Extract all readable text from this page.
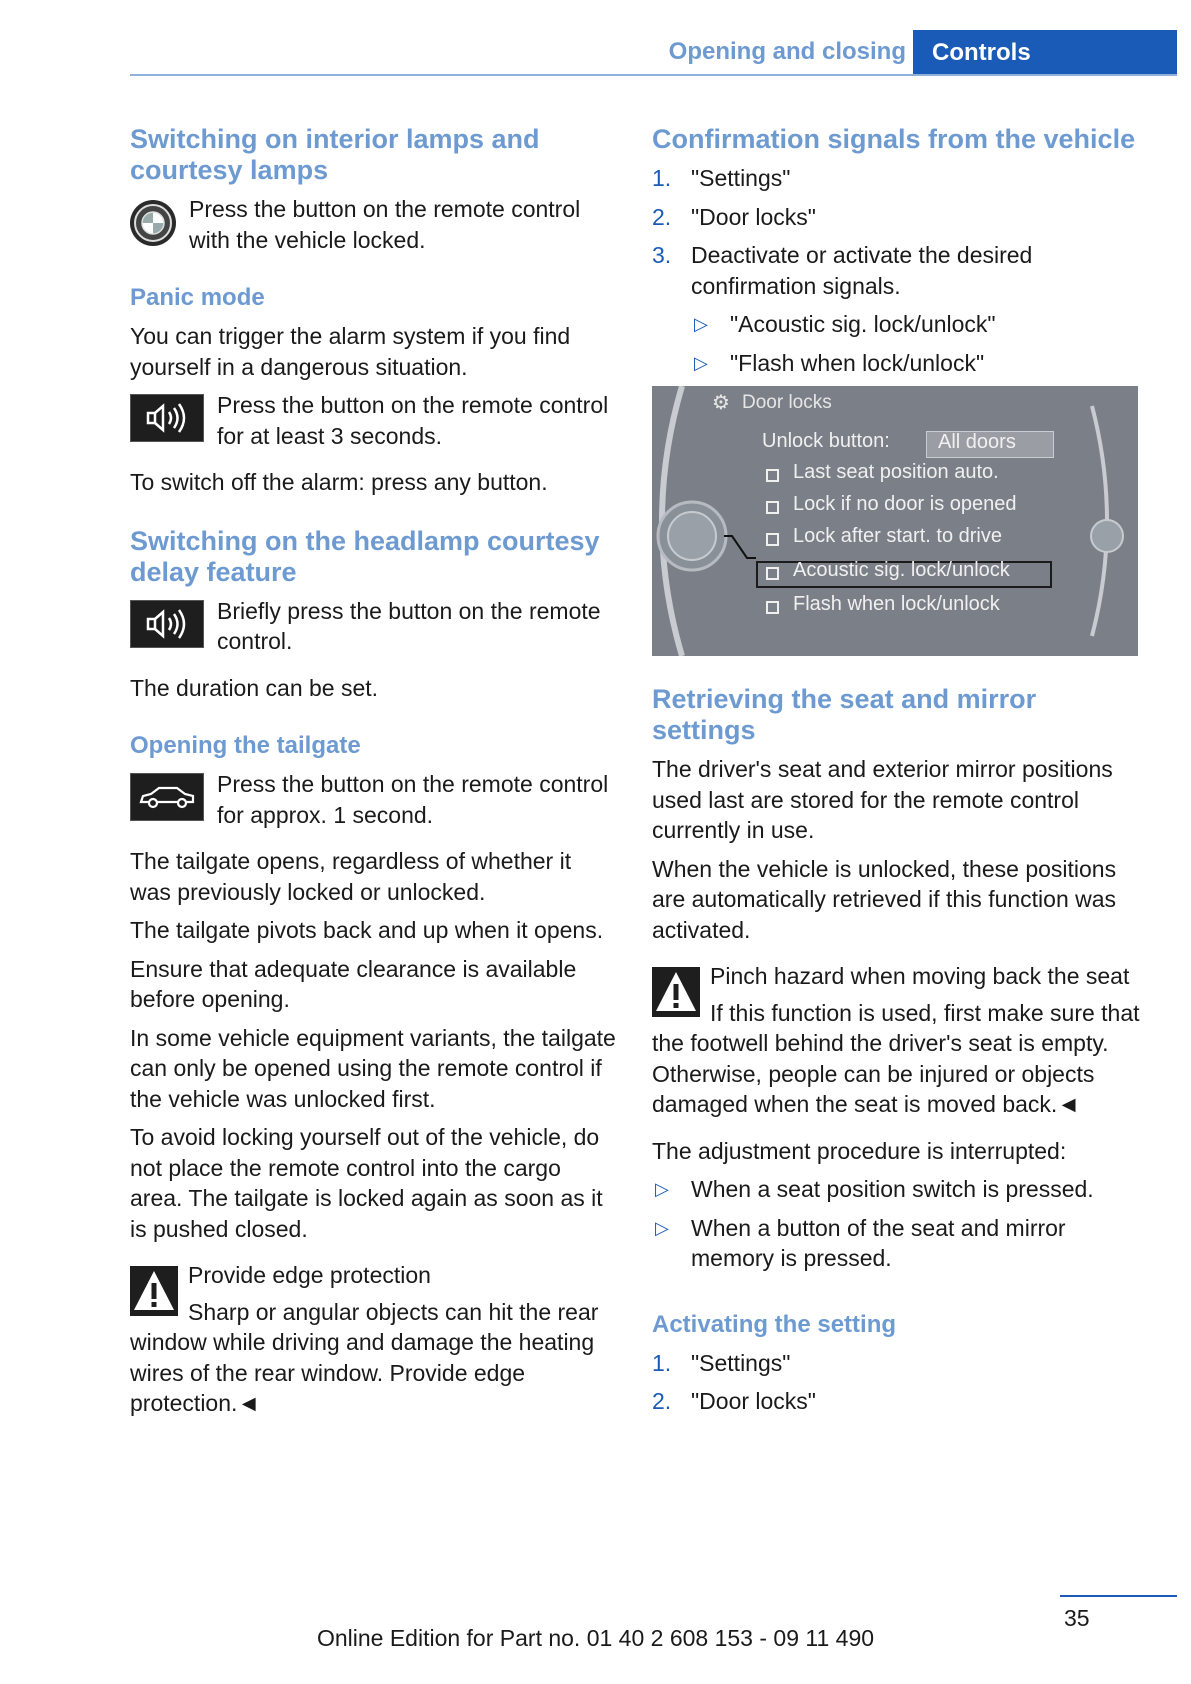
Opening and closing	Controls
Switching on interior lamps and courtesy lamps

Press the button on the remote control with the vehicle locked.

Panic mode

You can trigger the alarm system if you find yourself in a dangerous situation.

Press the button on the remote control for at least 3 seconds.

To switch off the alarm: press any button.

Switching on the headlamp courtesy delay feature

Briefly press the button on the remote control.

The duration can be set.

Opening the tailgate

Press the button on the remote control for approx. 1 second.

The tailgate opens, regardless of whether it was previously locked or unlocked.

The tailgate pivots back and up when it opens.

Ensure that adequate clearance is available before opening.

In some vehicle equipment variants, the tailgate can only be opened using the remote control if the vehicle was unlocked first.

To avoid locking yourself out of the vehicle, do not place the remote control into the cargo area. The tailgate is locked again as soon as it is pushed closed.

Provide edge protection

Sharp or angular objects can hit the rear window while driving and damage the heating wires of the rear window. Provide edge protection.◄

Confirmation signals from the vehicle
1. "Settings"
2. "Door locks"
3. Deactivate or activate the desired confirmation signals.
▷ "Acoustic sig. lock/unlock"
▷ "Flash when lock/unlock"
⚙ Door locks
Unlock button: All doors
Last seat position auto.
Lock if no door is opened
Lock after start. to drive
Acoustic sig. lock/unlock
Flash when lock/unlock
Retrieving the seat and mirror settings

The driver's seat and exterior mirror positions used last are stored for the remote control currently in use.

When the vehicle is unlocked, these positions are automatically retrieved if this function was activated.

Pinch hazard when moving back the seat

If this function is used, first make sure that the footwell behind the driver's seat is empty. Otherwise, people can be injured or objects damaged when the seat is moved back.◄

The adjustment procedure is interrupted:

▷ When a seat position switch is pressed.
▷ When a button of the seat and mirror memory is pressed.
Activating the setting
1. "Settings"
2. "Door locks"
35
Online Edition for Part no. 01 40 2 608 153 - 09 11 490
